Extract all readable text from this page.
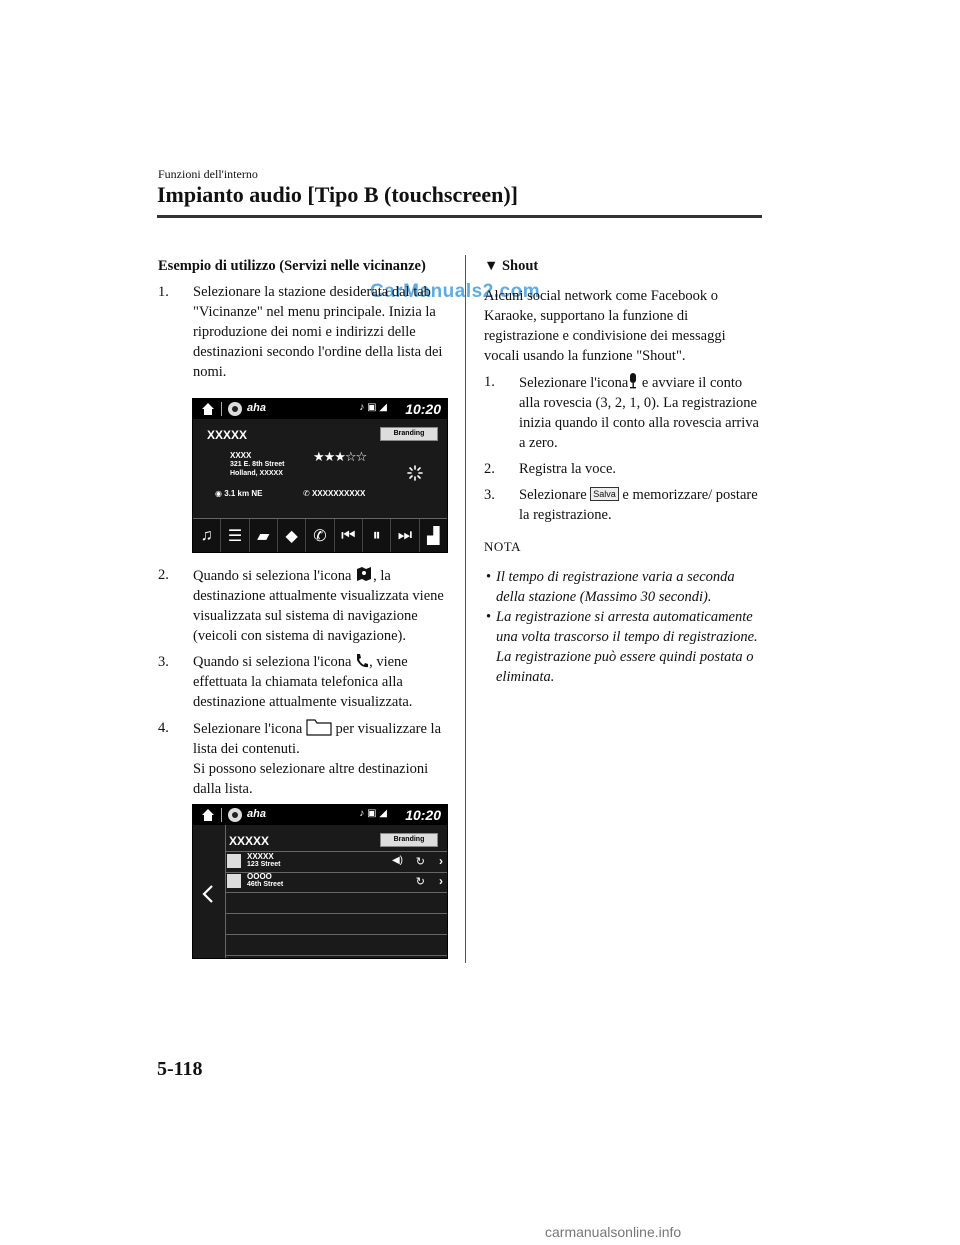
Funzioni dell'interno
Impianto audio [Tipo B (touchscreen)]
CarManuals2.com

Esempio di utilizzo (Servizi nelle vicinanze)

1. Selezionare la stazione desiderata dal tab "Vicinanze" nel menu principale. Inizia la riproduzione dei nomi e indirizzi delle destinazioni secondo l'ordine della lista dei nomi.

aha	♪ ▣ ◢ 10:20
XXXXX	Branding
XXXX
321 E. 8th Street
Holland, XXXXX
★★★☆☆
◉ 3.1 km NE	✆ XXXXXXXXXX
♫ ☰ ▰	◆ ✆ ⏮	⏸	⏭ ▟

2. Quando si seleziona l'icona , la destinazione attualmente visualizzata viene visualizzata sul sistema di navigazione (veicoli con sistema di navigazione).

3. Quando si seleziona l'icona , viene effettuata la chiamata telefonica alla destinazione attualmente visualizzata.

4. Selezionare l'icona  per visualizzare la lista dei contenuti.
Si possono selezionare altre destinazioni dalla lista.

aha	♪ ▣ ◢ 10:20
XXXXX	Branding
XXXXX
123 Street	◀) ↻ ›
OOOO
46th Street	↻ ›

▼ Shout

Alcuni social network come Facebook o Karaoke, supportano la funzione di registrazione e condivisione dei messaggi vocali usando la funzione "Shout".

1. Selezionare l'icona e avviare il conto alla rovescia (3, 2, 1, 0). La registrazione inizia quando il conto alla rovescia arriva a zero.

2. Registra la voce.

3. Selezionare Salva e memorizzare/ postare la registrazione.

NOTA

• Il tempo di registrazione varia a seconda della stazione (Massimo 30 secondi).

• La registrazione si arresta automaticamente una volta trascorso il tempo di registrazione. La registrazione può essere quindi postata o eliminata.

5-118
carmanualsonline.info
